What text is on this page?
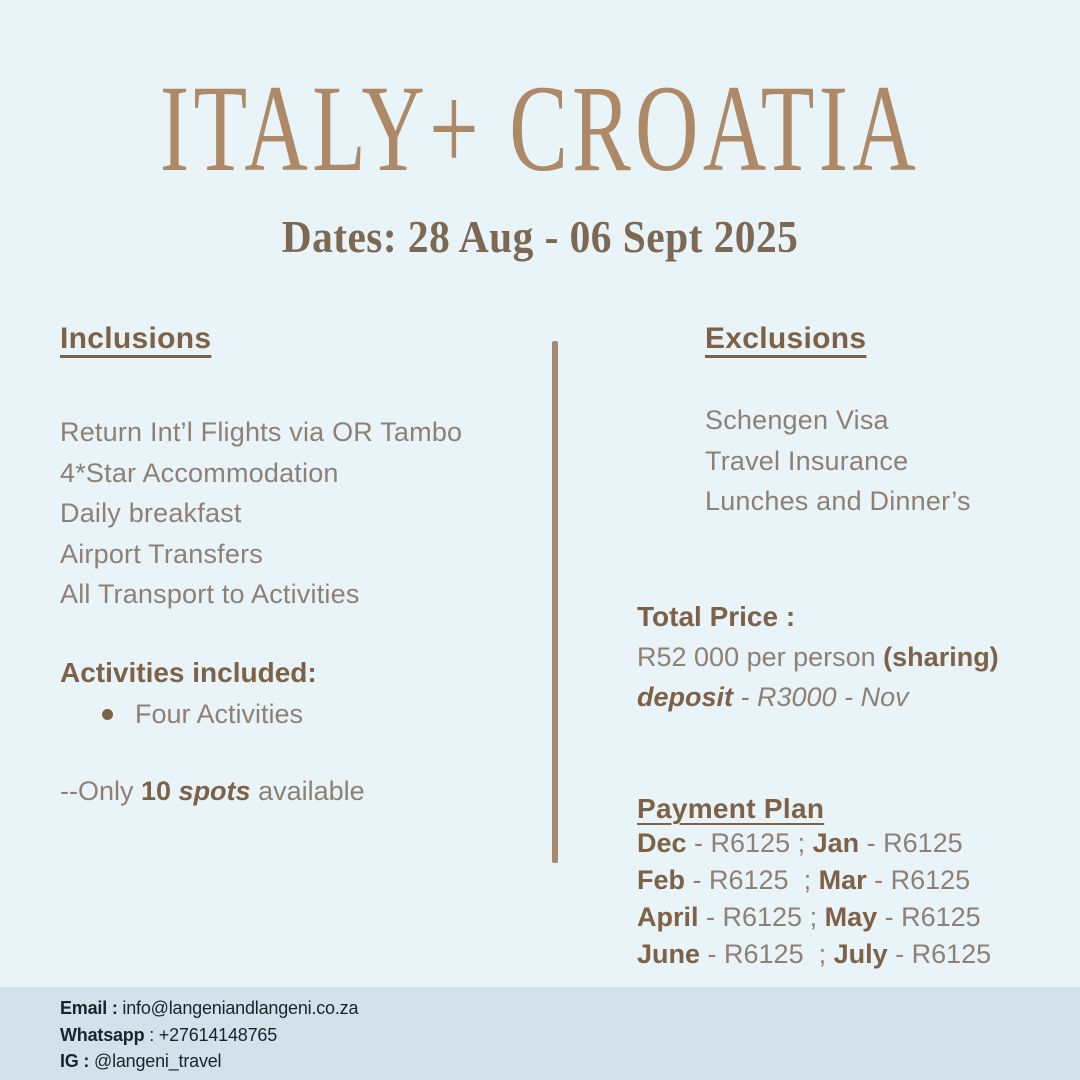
ITALY+ CROATIA
Dates: 28 Aug - 06 Sept 2025
Inclusions
Return Int’l Flights via OR Tambo
4*Star Accommodation
Daily breakfast
Airport Transfers
All Transport to Activities
Activities included:
Four Activities
--Only 10 spots available
Exclusions
Schengen Visa
Travel Insurance
Lunches and Dinner’s
Total Price :
R52 000 per person (sharing)
deposit - R3000 - Nov
Payment Plan
Dec - R6125 ; Jan - R6125
Feb - R6125  ; Mar - R6125
April - R6125 ; May - R6125
June - R6125  ; July - R6125
Email : info@langeniandlangeni.co.za
Whatsapp : +27614148765
IG : @langeni_travel
